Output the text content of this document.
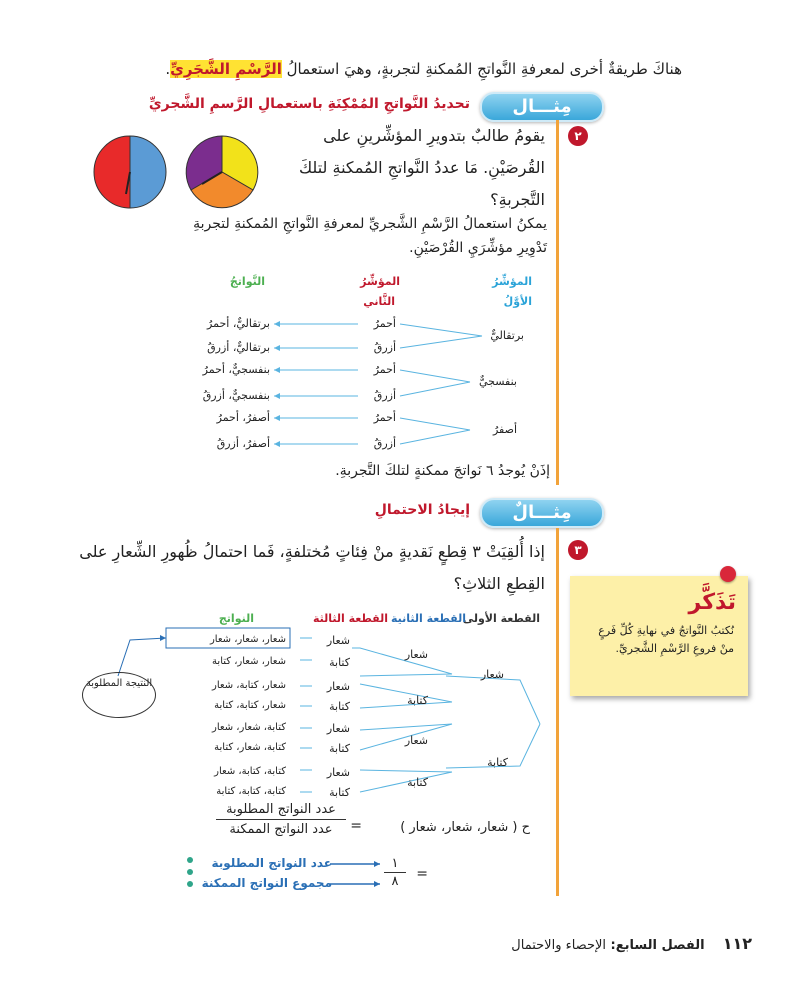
هناكَ طريقةٌ أخرى لمعرفةِ النَّواتجِ المُمكنةِ لتجربةٍ، وهيَ استعمالُ الرَّسْمِ الشَّجَرِيِّ.
مِثـــال
تحديدُ النَّواتجِ المُمْكِنَةِ باستعمالِ الرَّسمِ الشَّجريِّ
٢
يقومُ طالبٌ بتدويرِ المؤشِّرينِ على
القُرصَيْنِ. مَا عددُ النَّواتجِ المُمكنةِ لتلكَ
التَّجربةِ؟
يمكنُ استعمالُ الرَّسْمِ الشَّجريِّ لمعرفةِ النَّواتجِ المُمكنةِ لتجربةِ
تَدْوِيرِ مؤشِّرَيِ القُرْصَيْنِ.
المؤشِّرُ
الأوَّلُ
المؤشِّرُ
الثَّاني
النَّواتجُ
برتقاليٌّ
بنفسجيٌّ
أصفرُ
أحمرُ
أزرقُ
أحمرُ
أزرقُ
أحمرُ
أزرقُ
برتقاليٌّ، أحمرُ
برتقاليٌّ، أزرقُ
بنفسجيٌّ، أحمرُ
بنفسجيٌّ، أزرقُ
أصفرُ، أحمرُ
أصفرُ، أزرقُ
إذَنْ يُوجدُ ٦ نَواتجَ ممكنةٍ لتلكَ التَّجربةِ.
مِثـــالٌ
إيجادُ الاحتمالِ
٣
إذا أُلقِيَتْ ٣ قِطعٍ نَقديةٍ منْ فِئاتٍ مُختلفةٍ، فَما احتمالُ ظُهورِ الشِّعارِ على
القِطعِ الثلاثِ؟
تَذَكَّر
نُكتبُ النَّواتجُ في نهايةِ كُلِّ فَرعٍ
منْ فروعِ الرَّسْمِ الشَّجريِّ.
القطعة الأولى
القطعة الثانية
القطعة الثالثة
النواتج
النتيجة المطلوبة
شعار
كتابة
شعار
كتابة
شعار
كتابة
شعار
كتابة
شعار
كتابة
شعار
كتابة
شعار
كتابة
شعار، شعار، شعار
شعار، شعار، كتابة
شعار، كتابة، شعار
شعار، كتابة، كتابة
كتابة، شعار، شعار
كتابة، شعار، كتابة
كتابة، كتابة، شعار
كتابة، كتابة، كتابة
ح ( شعار، شعار، شعار )
=
عدد النواتج المطلوبة
عدد النواتج الممكنة
=
١
٨
عدد النواتج المطلوبة
مجموع النواتج الممكنة
١١٢    الفصل السابع: الإحصاء والاحتمال
